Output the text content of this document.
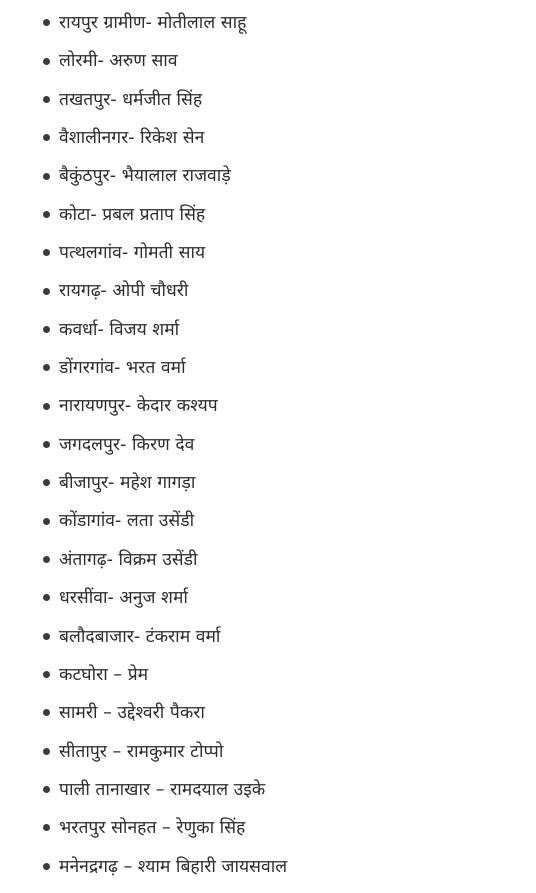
रायपुर ग्रामीण- मोतीलाल साहू
लोरमी- अरुण साव
तखतपुर- धर्मजीत सिंह
वैशालीनगर- रिकेश सेन
बैकुंठपुर- भैयालाल राजवाड़े
कोटा- प्रबल प्रताप सिंह
पत्थलगांव- गोमती साय
रायगढ़- ओपी चौधरी
कवर्धा- विजय शर्मा
डोंगरगांव- भरत वर्मा
नारायणपुर- केदार कश्यप
जगदलपुर- किरण देव
बीजापुर- महेश गागड़ा
कोंडागांव- लता उसेंडी
अंतागढ़- विक्रम उसेंडी
धरसींवा- अनुज शर्मा
बलौदबाजार- टंकराम वर्मा
कटघोरा – प्रेम
सामरी – उद्देश्वरी पैकरा
सीतापुर – रामकुमार टोप्पो
पाली तानाखार – रामदयाल उइके
भरतपुर सोनहत – रेणुका सिंह
मनेनद्रगढ़ – श्याम बिहारी जायसवाल
